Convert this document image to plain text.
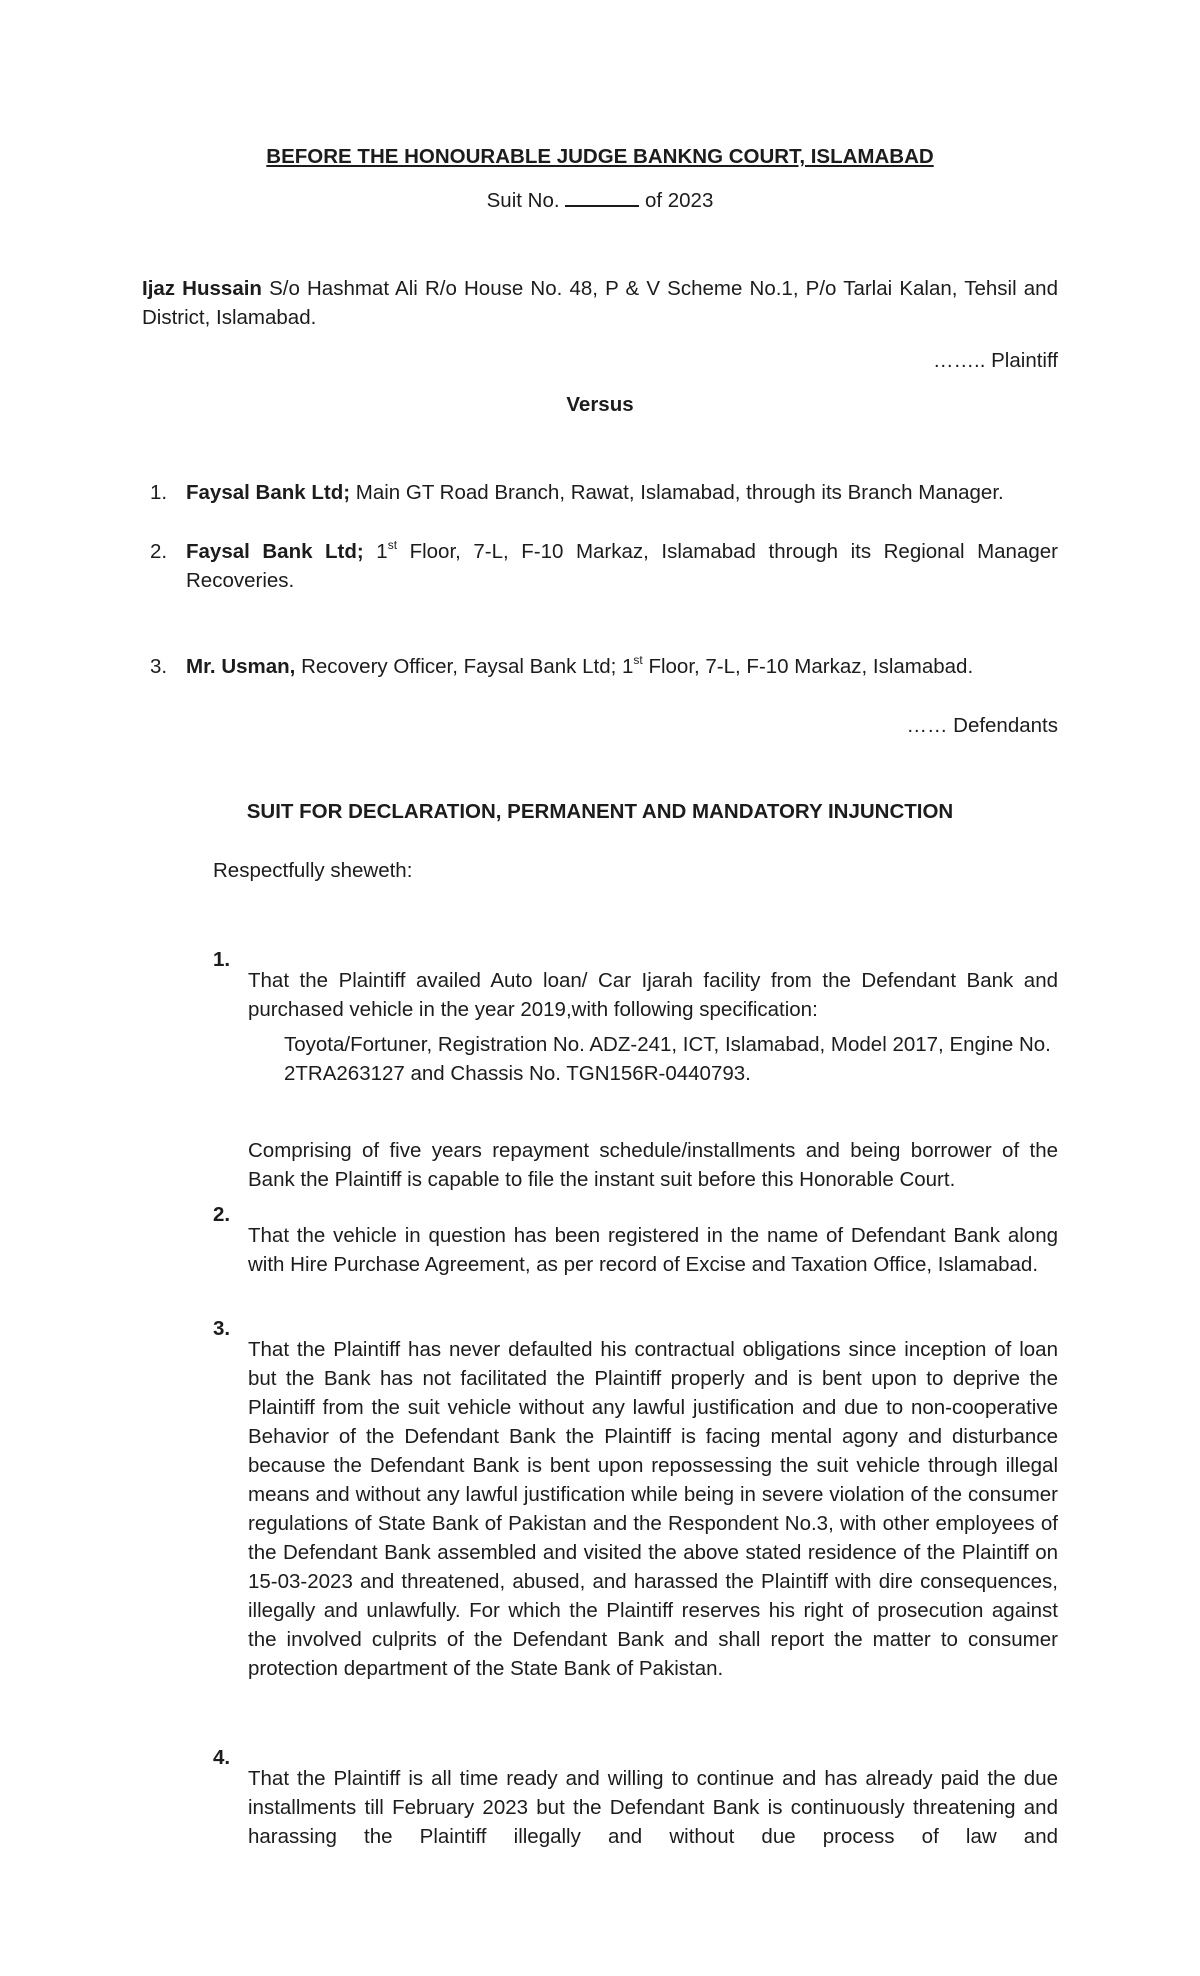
BEFORE THE HONOURABLE JUDGE BANKNG COURT, ISLAMABAD

Suit No.	of 2023

Ijaz Hussain S/o Hashmat Ali R/o House No. 48, P & V Scheme No.1, P/o Tarlai Kalan, Tehsil and District, Islamabad.

…….. Plaintiff

Versus

1. Faysal Bank Ltd; Main GT Road Branch, Rawat, Islamabad, through its Branch Manager.
2. Faysal Bank Ltd; 1st Floor, 7-L, F-10 Markaz, Islamabad through its Regional Manager Recoveries.
3. Mr. Usman, Recovery Officer, Faysal Bank Ltd; 1st Floor, 7-L, F-10 Markaz, Islamabad.

…… Defendants

SUIT FOR DECLARATION, PERMANENT AND MANDATORY INJUNCTION

Respectfully sheweth:

1.

That the Plaintiff availed Auto loan/ Car Ijarah facility from the Defendant Bank and purchased vehicle in the year 2019,with following specification:

Toyota/Fortuner, Registration No. ADZ-241, ICT, Islamabad, Model 2017, Engine No. 2TRA263127 and Chassis No. TGN156R-0440793.

Comprising of five years repayment schedule/installments and being borrower of the Bank the Plaintiff is capable to file the instant suit before this Honorable Court.

2.

That the vehicle in question has been registered in the name of Defendant Bank along with Hire Purchase Agreement, as per record of Excise and Taxation Office, Islamabad.

3.

That the Plaintiff has never defaulted his contractual obligations since inception of loan but the Bank has not facilitated the Plaintiff properly and is bent upon to deprive the Plaintiff from the suit vehicle without any lawful justification and due to non-cooperative Behavior of the Defendant Bank the Plaintiff is facing mental agony and disturbance because the Defendant Bank is bent upon repossessing the suit vehicle through illegal means and without any lawful justification while being in severe violation of the consumer regulations of State Bank of Pakistan and the Respondent No.3, with other employees of the Defendant Bank assembled and visited the above stated residence of the Plaintiff on 15-03-2023 and threatened, abused, and harassed the Plaintiff with dire consequences, illegally and unlawfully. For which the Plaintiff reserves his right of prosecution against the involved culprits of the Defendant Bank and shall report the matter to consumer protection department of the State Bank of Pakistan.

4.

That the Plaintiff is all time ready and willing to continue and has already paid the due installments till February 2023 but the Defendant Bank is continuously threatening and harassing the Plaintiff illegally and without due process of law and
